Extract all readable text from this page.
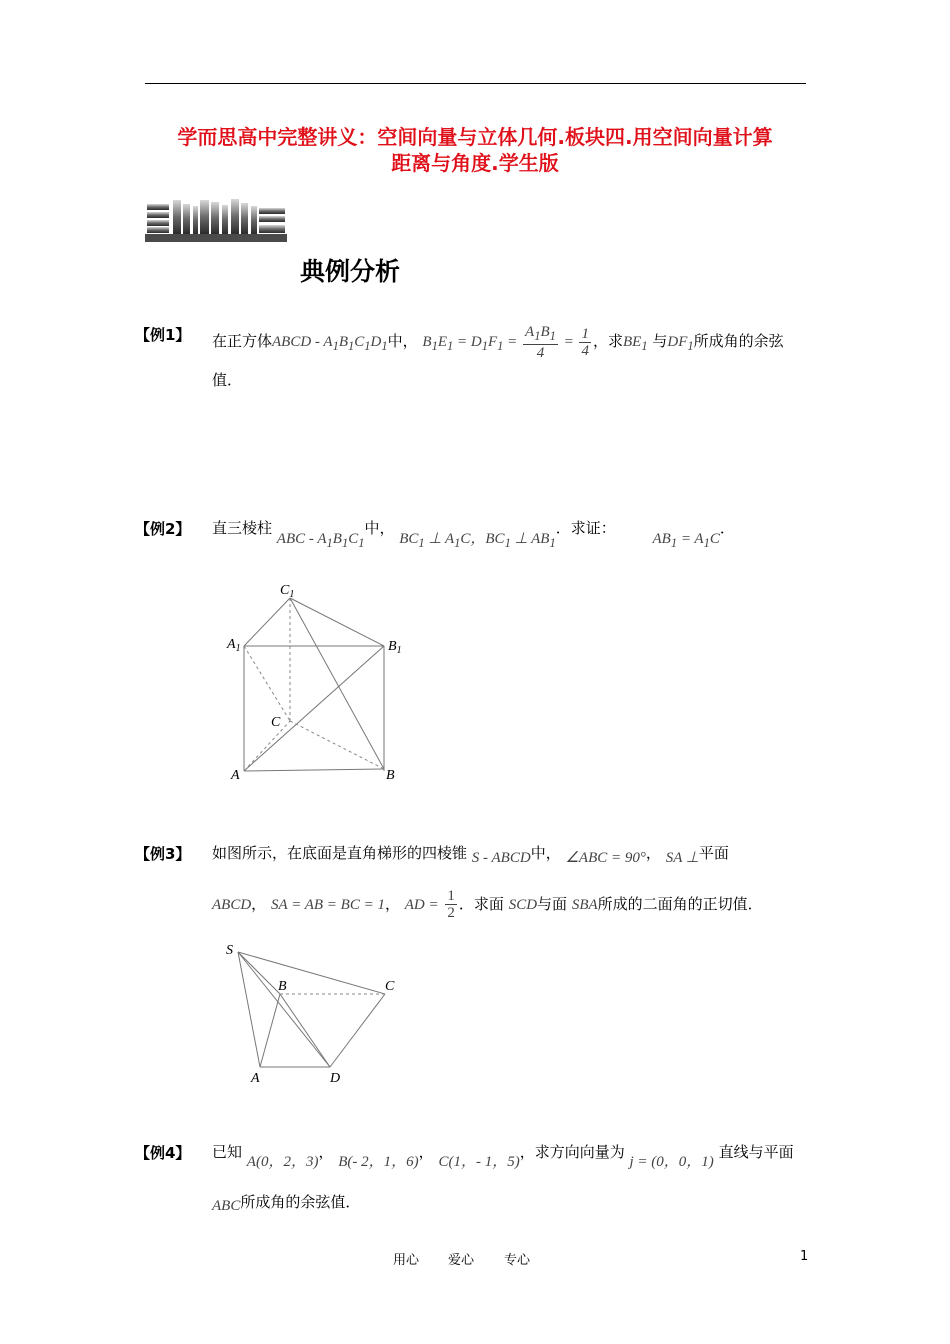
学而思高中完整讲义：空间向量与立体几何.板块四.用空间向量计算
距离与角度.学生版
典例分析
【例1】 在正方体ABCD - $A_1B_1C_1D_1$中， $B_1E_1 = D_1F_1 = \frac{A_1B_1}{4} = \frac{1}{4}$ ，求$BE_1$ 与$DF_1$所成角的余弦
值．
【例2】 直三棱柱 ABC - $A_1B_1C_1$中， $BC_1$ ⊥ $A_1C$，$BC_1$ ⊥ $AB_1$．求证： $AB_1 = A_1C$．
$C_1$
$A_1$	$B_1$
C
A	B
【例3】 如图所示，在底面是直角梯形的四棱锥 S - ABCD中， ∠ABC = 90°， SA ⊥平面
ABCD， SA = AB = BC = 1， AD = $\frac{1}{2}$ ．求面 SCD与面 SBA所成的二面角的正切值．
S
B	C
A	D
【例4】 已知 A(0，2，3)， B(- 2，1，6)， C(1，- 1，5)，求方向向量为 j = (0，0，1) 直线与平面
ABC所成角的余弦值．
用心 爱心 专心	1
